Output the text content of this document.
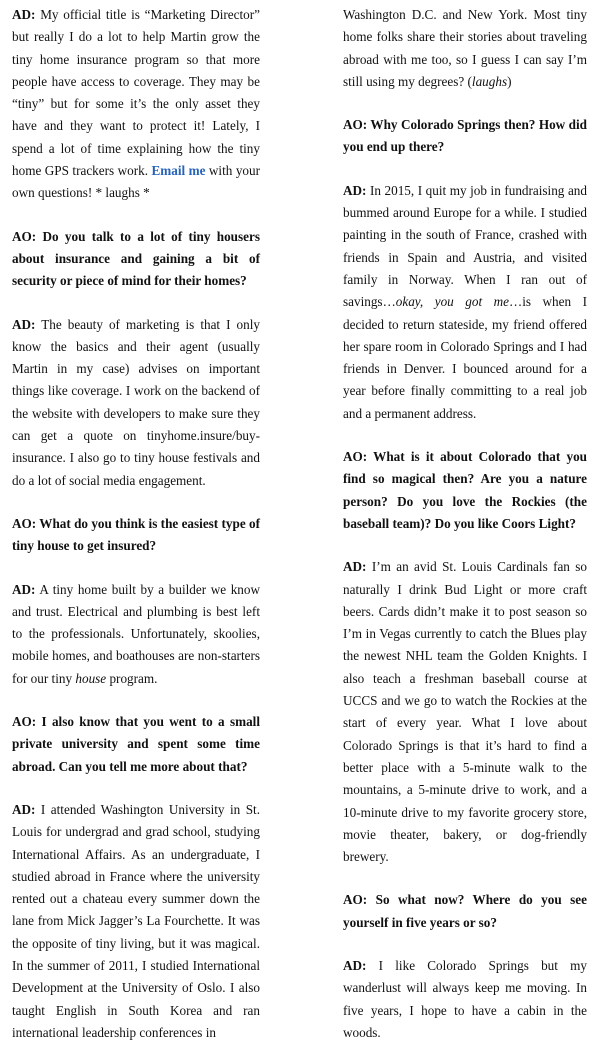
AD: My official title is “Marketing Director” but really I do a lot to help Martin grow the tiny home insurance program so that more people have access to coverage. They may be “tiny” but for some it’s the only asset they have and they want to protect it! Lately, I spend a lot of time explaining how the tiny home GPS trackers work. Email me with your own questions! * laughs *

AO: Do you talk to a lot of tiny housers about insurance and gaining a bit of security or piece of mind for their homes?

AD: The beauty of marketing is that I only know the basics and their agent (usually Martin in my case) advises on important things like coverage. I work on the backend of the website with developers to make sure they can get a quote on tinyhome.insure/buy-insurance. I also go to tiny house festivals and do a lot of social media engagement.

AO: What do you think is the easiest type of tiny house to get insured?

AD: A tiny home built by a builder we know and trust. Electrical and plumbing is best left to the professionals. Unfortunately, skoolies, mobile homes, and boathouses are non-starters for our tiny house program.

AO: I also know that you went to a small private university and spent some time abroad. Can you tell me more about that?

AD: I attended Washington University in St. Louis for undergrad and grad school, studying International Affairs. As an undergraduate, I studied abroad in France where the university rented out a chateau every summer down the lane from Mick Jagger’s La Fourchette. It was the opposite of tiny living, but it was magical. In the summer of 2011, I studied International Development at the University of Oslo. I also taught English in South Korea and ran international leadership conferences in

Washington D.C. and New York. Most tiny home folks share their stories about traveling abroad with me too, so I guess I can say I’m still using my degrees? (laughs)

AO: Why Colorado Springs then? How did you end up there?

AD: In 2015, I quit my job in fundraising and bummed around Europe for a while. I studied painting in the south of France, crashed with friends in Spain and Austria, and visited family in Norway. When I ran out of savings…okay, you got me…is when I decided to return stateside, my friend offered her spare room in Colorado Springs and I had friends in Denver. I bounced around for a year before finally committing to a real job and a permanent address.

AO: What is it about Colorado that you find so magical then? Are you a nature person? Do you love the Rockies (the baseball team)? Do you like Coors Light?

AD: I’m an avid St. Louis Cardinals fan so naturally I drink Bud Light or more craft beers. Cards didn’t make it to post season so I’m in Vegas currently to catch the Blues play the newest NHL team the Golden Knights. I also teach a freshman baseball course at UCCS and we go to watch the Rockies at the start of every year. What I love about Colorado Springs is that it’s hard to find a better place with a 5-minute walk to the mountains, a 5-minute drive to work, and a 10-minute drive to my favorite grocery store, movie theater, bakery, or dog-friendly brewery.

AO: So what now? Where do you see yourself in five years or so?

AD: I like Colorado Springs but my wanderlust will always keep me moving. In five years, I hope to have a cabin in the woods.
